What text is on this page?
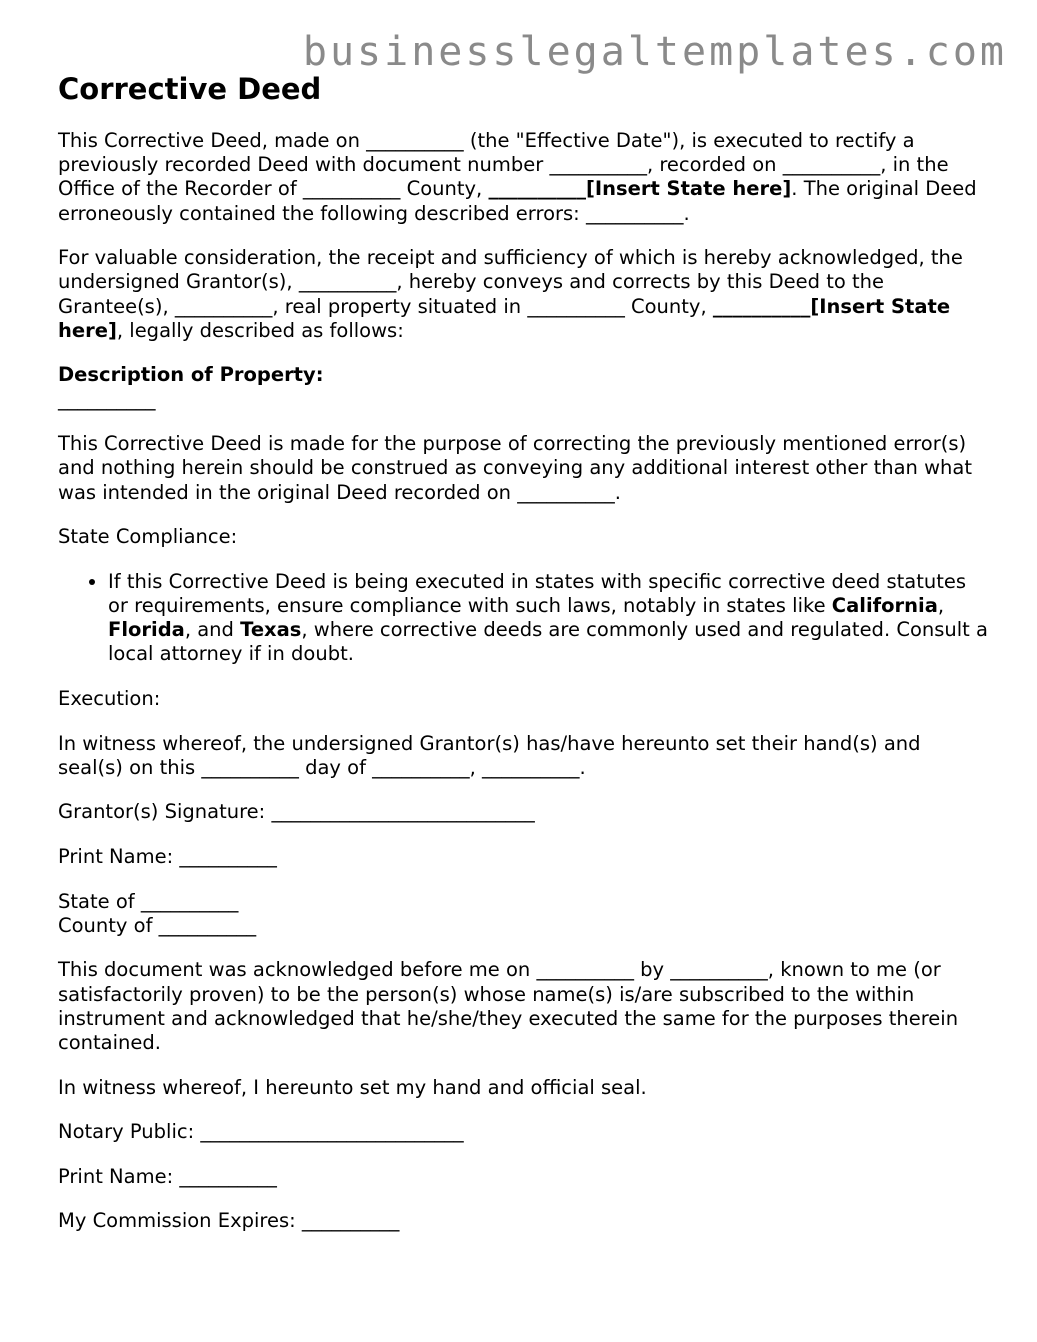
businesslegaltemplates.com
Corrective Deed

This Corrective Deed, made on __________ (the "Effective Date"), is executed to rectify a previously recorded Deed with document number __________, recorded on __________, in the Office of the Recorder of __________ County, __________[Insert State here]. The original Deed erroneously contained the following described errors: __________.

For valuable consideration, the receipt and sufficiency of which is hereby acknowledged, the undersigned Grantor(s), __________, hereby conveys and corrects by this Deed to the Grantee(s), __________, real property situated in __________ County, __________[Insert State here], legally described as follows:

Description of Property:
__________

This Corrective Deed is made for the purpose of correcting the previously mentioned error(s) and nothing herein should be construed as conveying any additional interest other than what was intended in the original Deed recorded on __________.

State Compliance:

• If this Corrective Deed is being executed in states with specific corrective deed statutes or requirements, ensure compliance with such laws, notably in states like California, Florida, and Texas, where corrective deeds are commonly used and regulated. Consult a local attorney if in doubt.

Execution:

In witness whereof, the undersigned Grantor(s) has/have hereunto set their hand(s) and seal(s) on this __________ day of __________, __________.

Grantor(s) Signature: ___________________________

Print Name: __________

State of __________
County of __________

This document was acknowledged before me on __________ by __________, known to me (or satisfactorily proven) to be the person(s) whose name(s) is/are subscribed to the within instrument and acknowledged that he/she/they executed the same for the purposes therein contained.

In witness whereof, I hereunto set my hand and official seal.

Notary Public: ___________________________

Print Name: __________

My Commission Expires: __________
